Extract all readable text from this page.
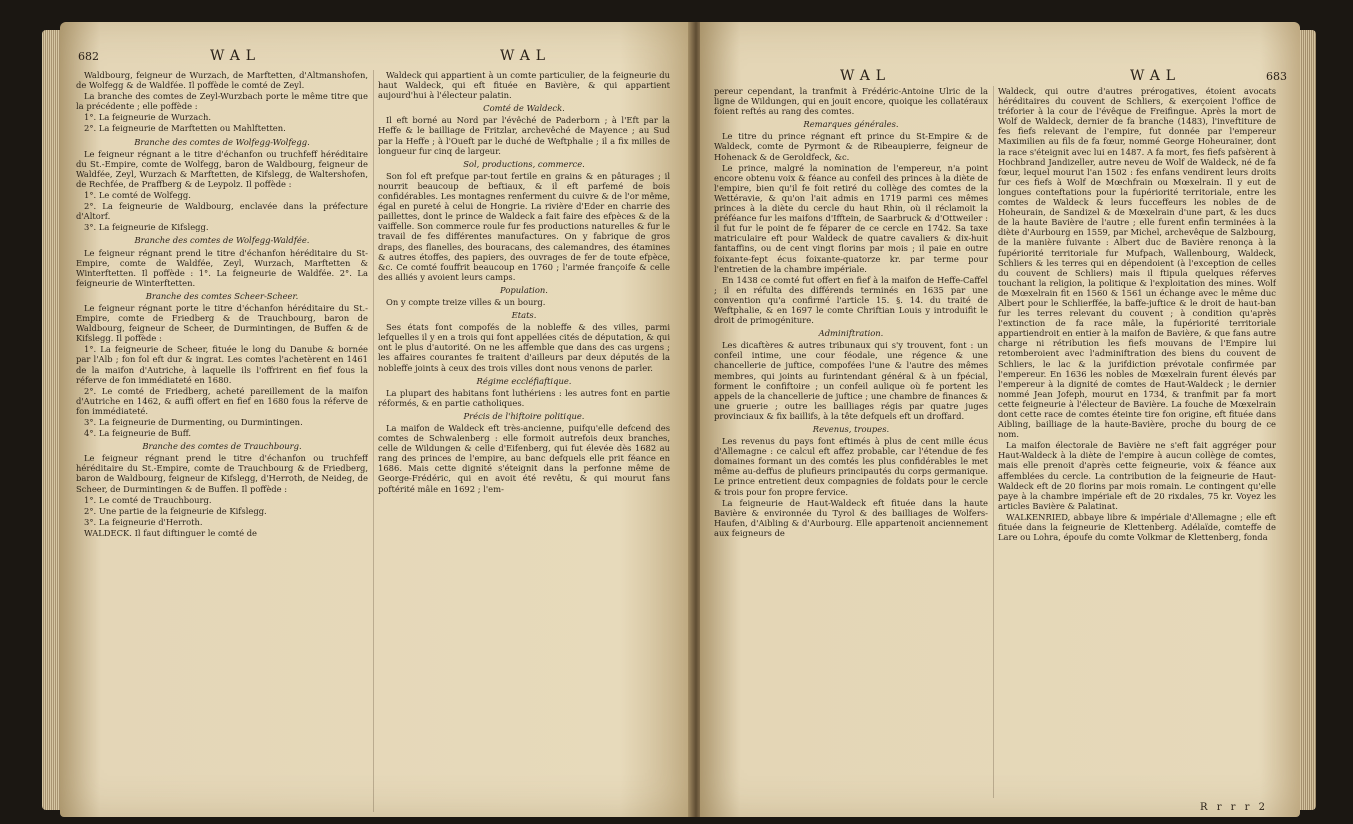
682	WAL	WAL

Waldbourg, feigneur de Wurzach, de Marftetten, d'Altmanshofen, de Wolfegg & de Waldfée. Il poffède le comté de Zeyl.

La branche des comtes de Zeyl-Wurzbach porte le même titre que la précédente ; elle poffède :

1°. La feigneurie de Wurzach.

2°. La feigneurie de Marftetten ou Mahlftetten.

Branche des comtes de Wolfegg-Wolfegg.

Le feigneur régnant a le titre d'échanfon ou truchfeff héréditaire du St.-Empire, comte de Wolfegg, baron de Waldbourg, feigneur de Waldfée, Zeyl, Wurzach & Marftetten, de Kifslegg, de Waltershofen, de Rechfée, de Praffberg & de Leypolz. Il poffède :

1°. Le comté de Wolfegg.

2°. La feigneurie de Waldbourg, enclavée dans la préfecture d'Altorf.

3°. La feigneurie de Kifslegg.

Branche des comtes de Wolfegg-Waldfée.

Le feigneur régnant prend le titre d'échanfon héréditaire du St-Empire, comte de Waldfée, Zeyl, Wurzach, Marftetten & Winterftetten. Il poffède : 1°. La feigneurie de Waldfée. 2°. La feigneurie de Winterftetten.

Branche des comtes Scheer-Scheer.

Le feigneur régnant porte le titre d'échanfon héréditaire du St.-Empire, comte de Friedberg & de Trauchbourg, baron de Waldbourg, feigneur de Scheer, de Durmintingen, de Buffen & de Kifslegg. Il poffède :

1°. La feigneurie de Scheer, fituée le long du Danube & bornée par l'Alb ; fon fol eft dur & ingrat. Les comtes l'achetèrent en 1461 de la maifon d'Autriche, à laquelle ils l'offrirent en fief fous la réferve de fon immédiateté en 1680.

2°. Le comté de Friedberg, acheté pareillement de la maifon d'Autriche en 1462, & auffi offert en fief en 1680 fous la réferve de fon immédiateté.

3°. La feigneurie de Durmenting, ou Durmintingen.

4°. La feigneurie de Buff.

Branche des comtes de Trauchbourg.

Le feigneur régnant prend le titre d'échanfon ou truchfeff héréditaire du St.-Empire, comte de Trauchbourg & de Friedberg, baron de Waldbourg, feigneur de Kifslegg, d'Herroth, de Neideg, de Scheer, de Durmintingen & de Buffen. Il poffède :

1°. Le comté de Trauchbourg.

2°. Une partie de la feigneurie de Kifslegg.

3°. La feigneurie d'Herroth.

WALDECK. Il faut diftinguer le comté de

Waldeck qui appartient à un comte particulier, de la feigneurie du haut Waldeck, qui eft fituée en Bavière, & qui appartient aujourd'hui à l'électeur palatin.

Comté de Waldeck.

Il eft borné au Nord par l'évêché de Paderborn ; à l'Eft par la Heffe & le bailliage de Fritzlar, archevêché de Mayence ; au Sud par la Heffe ; à l'Oueft par le duché de Weftphalie ; il a fix milles de longueur fur cinq de largeur.

Sol, productions, commerce.

Son fol eft prefque par-tout fertile en grains & en pâturages ; il nourrit beaucoup de beftiaux, & il eft parfemé de bois confidérables. Les montagnes renferment du cuivre & de l'or même, égal en pureté à celui de Hongrie. La rivière d'Eder en charrie des paillettes, dont le prince de Waldeck a fait faire des efpèces & de la vaiffelle. Son commerce roule fur fes productions naturelles & fur le travail de fes différentes manufactures. On y fabrique de gros draps, des flanelles, des bouracans, des calemandres, des étamines & autres étoffes, des papiers, des ouvrages de fer de toute efpèce, &c. Ce comté fouffrit beaucoup en 1760 ; l'armée françoife & celle des alliés y avoient leurs camps.

Population.

On y compte treize villes & un bourg.

Etats.

Ses états font compofés de la nobleffe & des villes, parmi lefquelles il y en a trois qui font appellées cités de députation, & qui ont le plus d'autorité. On ne les affemble que dans des cas urgens ; les affaires courantes fe traitent d'ailleurs par deux députés de la nobleffe joints à ceux des trois villes dont nous venons de parler.

Régime eccléfiaftique.

La plupart des habitans font luthériens : les autres font en partie réformés, & en partie catholiques.

Précis de l'hiftoire politique.

La maifon de Waldeck eft très-ancienne, puifqu'elle defcend des comtes de Schwalenberg : elle formoit autrefois deux branches, celle de Wildungen & celle d'Eifenberg, qui fut élevée dès 1682 au rang des princes de l'empire, au banc defquels elle prit féance en 1686. Mais cette dignité s'éteignit dans la perfonne même de George-Frédéric, qui en avoit été revêtu, & qui mourut fans poftérité mâle en 1692 ; l'em-

WAL	WAL	683

pereur cependant, la tranfmit à Frédéric-Antoine Ulric de la ligne de Wildungen, qui en jouit encore, quoique les collatéraux foient reftés au rang des comtes.

Remarques générales.

Le titre du prince régnant eft prince du St-Empire & de Waldeck, comte de Pyrmont & de Ribeaupierre, feigneur de Hohenack & de Geroldfeck, &c.

Le prince, malgré la nomination de l'empereur, n'a point encore obtenu voix & féance au confeil des princes à la diète de l'empire, bien qu'il fe foit retiré du collège des comtes de la Wettéravie, & qu'on l'ait admis en 1719 parmi ces mêmes princes à la diète du cercle du haut Rhin, où il réclamoit la préféance fur les maifons d'Ifftein, de Saarbruck & d'Ottweiler : il fut fur le point de fe féparer de ce cercle en 1742. Sa taxe matriculaire eft pour Waldeck de quatre cavaliers & dix-huit fantaffins, ou de cent vingt florins par mois ; il paie en outre foixante-fept écus foixante-quatorze kr. par terme pour l'entretien de la chambre impériale.

En 1438 ce comté fut offert en fief à la maifon de Heffe-Caffel ; il en réfulta des différends terminés en 1635 par une convention qu'a confirmé l'article 15. §. 14. du traité de Weftphalie, & en 1697 le comte Chriftian Louis y introduifit le droit de primogéniture.

Adminiftration.

Les dicaftères & autres tribunaux qui s'y trouvent, font : un confeil intime, une cour féodale, une régence & une chancellerie de juftice, compofées l'une & l'autre des mêmes membres, qui joints au furintendant général & à un fpécial, forment le confiftoire ; un confeil aulique où fe portent les appels de la chancellerie de juftice ; une chambre de finances & une gruerie ; outre les bailliages régis par quatre juges provinciaux & fix baillifs, à la tête defquels eft un droffard.

Revenus, troupes.

Les revenus du pays font eftimés à plus de cent mille écus d'Allemagne : ce calcul eft affez probable, car l'étendue de fes domaines formant un des comtés les plus confidérables le met même au-deffus de plufieurs principautés du corps germanique. Le prince entretient deux compagnies de foldats pour le cercle & trois pour fon propre fervice.

La feigneurie de Haut-Waldeck eft fituée dans la haute Bavière & environnée du Tyrol & des bailliages de Wolfers-Haufen, d'Aibling & d'Aurbourg. Elle appartenoit anciennement aux feigneurs de

Waldeck, qui outre d'autres prérogatives, étoient avocats héréditaires du couvent de Schliers, & exerçoient l'office de tréforier à la cour de l'évêque de Freifingue. Après la mort de Wolf de Waldeck, dernier de fa branche (1483), l'inveftiture de fes fiefs relevant de l'empire, fut donnée par l'empereur Maximilien au fils de fa fœur, nommé George Hoheurainer, dont la race s'éteignit avec lui en 1487. A fa mort, fes fiefs pafsèrent à Hochbrand Jandizeller, autre neveu de Wolf de Waldeck, né de fa fœur, lequel mourut l'an 1502 : fes enfans vendirent leurs droits fur ces fiefs à Wolf de Mœchfrain ou Mœxelrain. Il y eut de longues conteftations pour la fupériorité territoriale, entre les comtes de Waldeck & leurs fucceffeurs les nobles de de Hoheurain, de Sandizel & de Mœxelrain d'une part, & les ducs de la haute Bavière de l'autre ; elle furent enfin terminées à la diète d'Aurbourg en 1559, par Michel, archevêque de Salzbourg, de la manière fuivante : Albert duc de Bavière renonça à la fupériorité territoriale fur Mufpach, Wallenbourg, Waldeck, Schliers & les terres qui en dépendoient (à l'exception de celles du couvent de Schliers) mais il ftipula quelques réferves touchant la religion, la politique & l'exploitation des mines. Wolf de Mœxelrain fit en 1560 & 1561 un échange avec le même duc Albert pour le Schlierffée, la baffe-juftice & le droit de haut-ban fur les terres relevant du couvent ; à condition qu'après l'extinction de fa race mâle, la fupériorité territoriale appartiendroit en entier à la maifon de Bavière, & que fans autre charge ni rétribution les fiefs mouvans de l'Empire lui retomberoient avec l'adminiftration des biens du couvent de Schliers, le lac & la jurifdiction prévotale confirmée par l'empereur. En 1636 les nobles de Mœxelrain furent élevés par l'empereur à la dignité de comtes de Haut-Waldeck ; le dernier nommé Jean Jofeph, mourut en 1734, & tranfmit par fa mort cette feigneurie à l'électeur de Bavière. La fouche de Mœxelrain dont cette race de comtes éteinte tire fon origine, eft fituée dans Aibling, bailliage de la haute-Bavière, proche du bourg de ce nom.

La maifon électorale de Bavière ne s'eft fait aggréger pour Haut-Waldeck à la diète de l'empire à aucun collège de comtes, mais elle prenoit d'après cette feigneurie, voix & féance aux affemblées du cercle. La contribution de la feigneurie de Haut-Waldeck eft de 20 florins par mois romain. Le contingent qu'elle paye à la chambre impériale eft de 20 rixdales, 75 kr. Voyez les articles Bavière & Palatinat.

WALKENRIED, abbaye libre & impériale d'Allemagne ; elle eft fituée dans la feigneurie de Klettenberg. Adélaïde, comteffe de Lare ou Lohra, époufe du comte Volkmar de Klettenberg, fonda

R r r r 2
